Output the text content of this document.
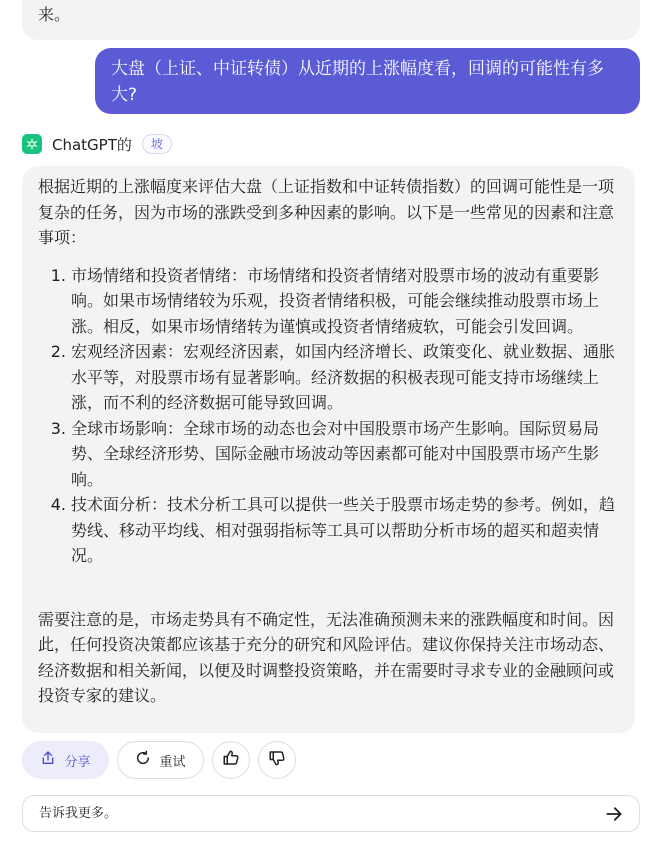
来。
大盘（上证、中证转债）从近期的上涨幅度看，回调的可能性有多大?
ChatGPT的	坡

根据近期的上涨幅度来评估大盘（上证指数和中证转债指数）的回调可能性是一项复杂的任务，因为市场的涨跌受到多种因素的影响。以下是一些常见的因素和注意事项：

1. 市场情绪和投资者情绪：市场情绪和投资者情绪对股票市场的波动有重要影响。如果市场情绪较为乐观，投资者情绪积极，可能会继续推动股票市场上涨。相反，如果市场情绪转为谨慎或投资者情绪疲软，可能会引发回调。
2. 宏观经济因素：宏观经济因素，如国内经济增长、政策变化、就业数据、通胀水平等，对股票市场有显著影响。经济数据的积极表现可能支持市场继续上涨，而不利的经济数据可能导致回调。
3. 全球市场影响：全球市场的动态也会对中国股票市场产生影响。国际贸易局势、全球经济形势、国际金融市场波动等因素都可能对中国股票市场产生影响。
4. 技术面分析：技术分析工具可以提供一些关于股票市场走势的参考。例如，趋势线、移动平均线、相对强弱指标等工具可以帮助分析市场的超买和超卖情况。

需要注意的是，市场走势具有不确定性，无法准确预测未来的涨跌幅度和时间。因此，任何投资决策都应该基于充分的研究和风险评估。建议你保持关注市场动态、经济数据和相关新闻，以便及时调整投资策略，并在需要时寻求专业的金融顾问或投资专家的建议。

分享	重试
告诉我更多。
